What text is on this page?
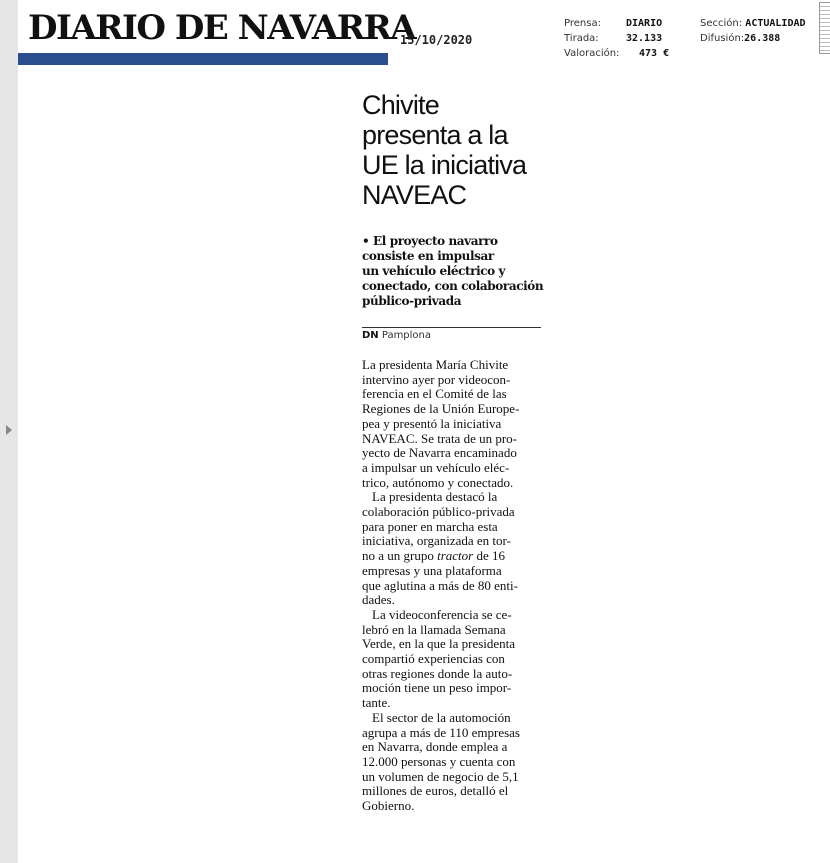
DIARIO DE NAVARRA
15/10/2020
Prensa:	DIARIO
Tirada:	32.133
Valoración: 473 €
Sección: ACTUALIDAD
Difusión:26.388
Chivite
presenta a la
UE la iniciativa
NAVEAC
• El proyecto navarro
consiste en impulsar
un vehículo eléctrico y
conectado, con colaboración
público-privada
DN Pamplona
La presidenta María Chivite
intervino ayer por videocon-
ferencia en el Comité de las
Regiones de la Unión Europe-
pea y presentó la iniciativa
NAVEAC. Se trata de un pro-
yecto de Navarra encaminado
a impulsar un vehículo eléc-
trico, autónomo y conectado.
La presidenta destacó la
colaboración público-privada
para poner en marcha esta
iniciativa, organizada en tor-
no a un grupo tractor de 16
empresas y una plataforma
que aglutina a más de 80 enti-
dades.
La videoconferencia se ce-
lebró en la llamada Semana
Verde, en la que la presidenta
compartió experiencias con
otras regiones donde la auto-
moción tiene un peso impor-
tante.
El sector de la automoción
agrupa a más de 110 empresas
en Navarra, donde emplea a
12.000 personas y cuenta con
un volumen de negocio de 5,1
millones de euros, detalló el
Gobierno.
